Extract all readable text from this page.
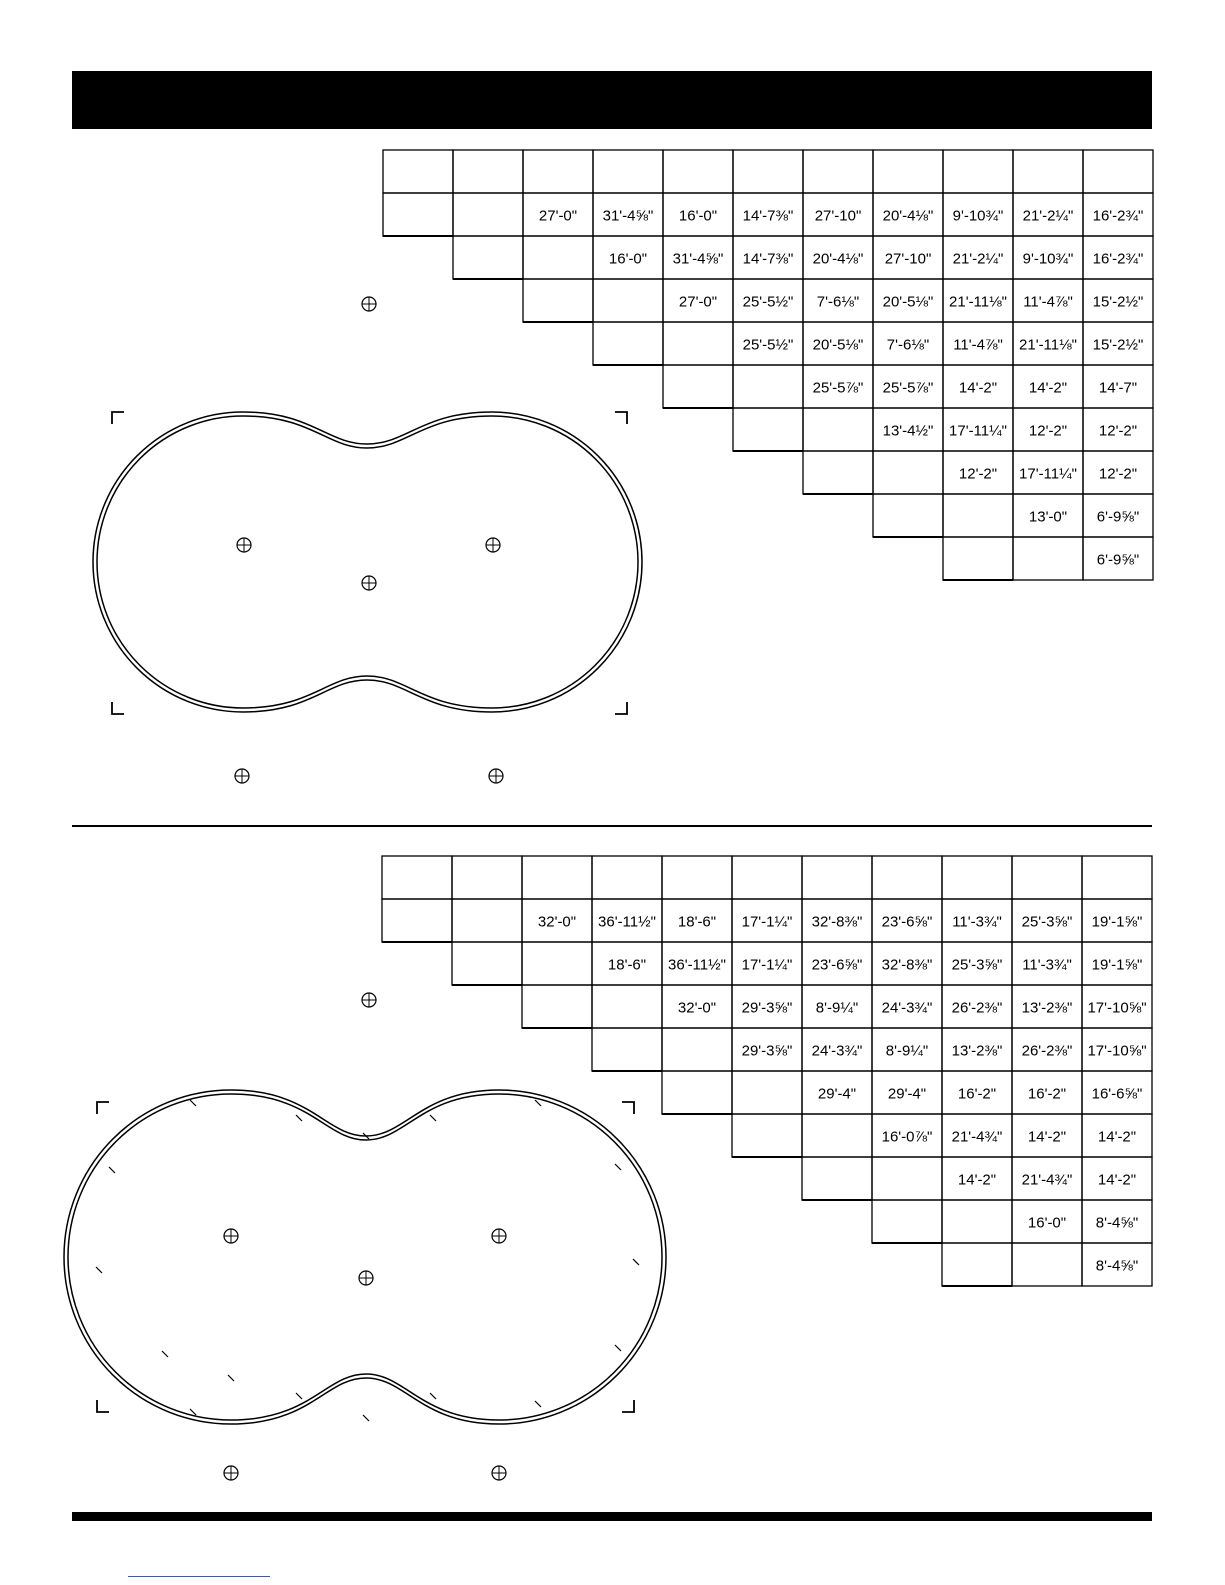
27'-0" 31'-4⅝" 16'-0" 14'-7⅜" 27'-10" 20'-4⅛" 9'-10¾" 21'-2¼" 16'-2¾"
16'-0" 31'-4⅝" 14'-7⅜" 20'-4⅛" 27'-10" 21'-2¼" 9'-10¾" 16'-2¾"
27'-0" 25'-5½" 7'-6⅛" 20'-5⅛" 21'-11⅛" 11'-4⅞" 15'-2½"
25'-5½" 20'-5⅛" 7'-6⅛" 11'-4⅞" 21'-11⅛" 15'-2½"
25'-5⅞" 25'-5⅞" 14'-2" 14'-2" 14'-7"
13'-4½" 17'-11¼" 12'-2" 12'-2"
12'-2" 17'-11¼" 12'-2"
13'-0" 6'-9⅝"
6'-9⅝"
32'-0" 36'-11½" 18'-6" 17'-1¼" 32'-8⅜" 23'-6⅝" 11'-3¾" 25'-3⅝" 19'-1⅝"
18'-6" 36'-11½" 17'-1¼" 23'-6⅝" 32'-8⅜" 25'-3⅝" 11'-3¾" 19'-1⅝"
32'-0" 29'-3⅝" 8'-9¼" 24'-3¾" 26'-2⅜" 13'-2⅜" 17'-10⅝"
29'-3⅝" 24'-3¾" 8'-9¼" 13'-2⅜" 26'-2⅜" 17'-10⅝"
29'-4" 29'-4" 16'-2" 16'-2" 16'-6⅝"
16'-0⅞" 21'-4¾" 14'-2" 14'-2"
14'-2" 21'-4¾" 14'-2"
16'-0" 8'-4⅝"
8'-4⅝"
